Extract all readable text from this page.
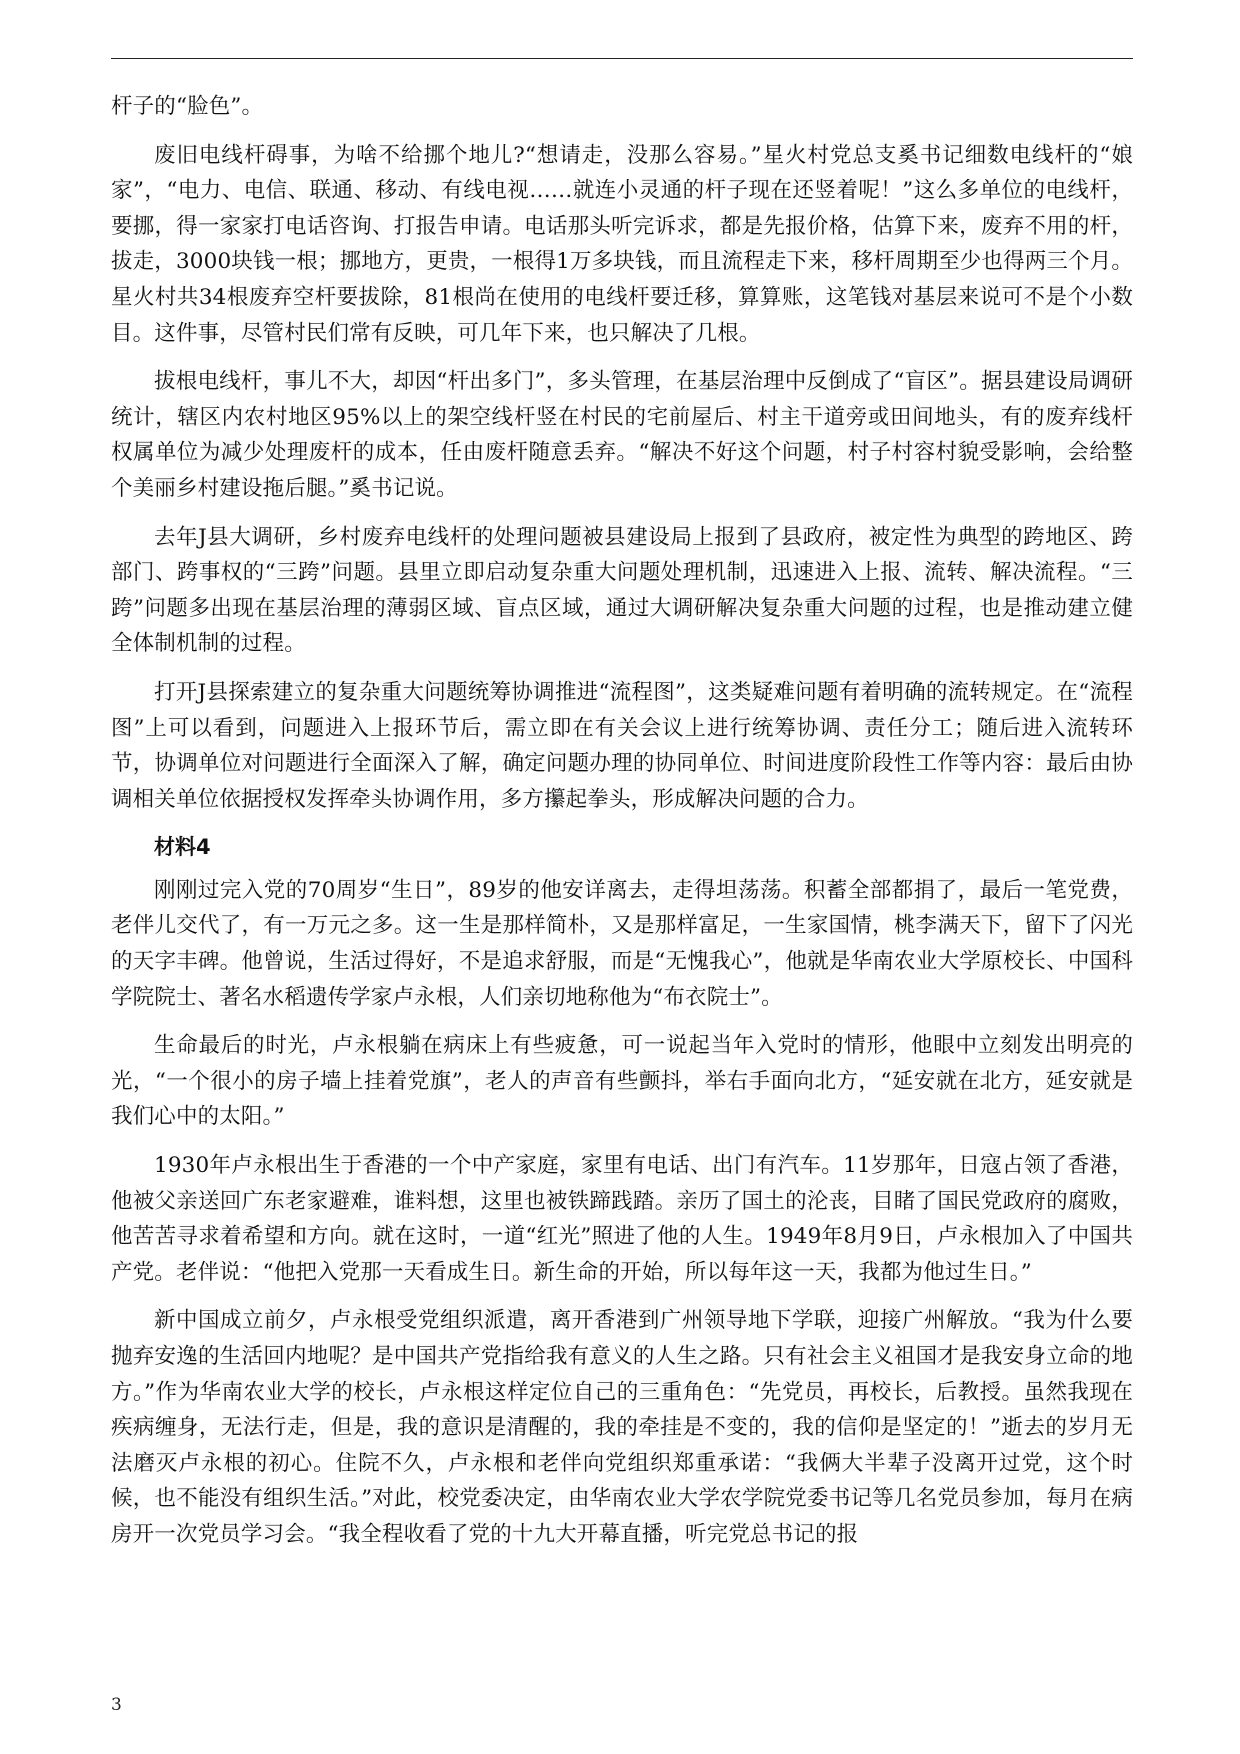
杆子的“脸色”。

废旧电线杆碍事，为啥不给挪个地儿?“想请走，没那么容易。”星火村党总支奚书记细数电线杆的“娘家”，“电力、电信、联通、移动、有线电视……就连小灵通的杆子现在还竖着呢！”这么多单位的电线杆，要挪，得一家家打电话咨询、打报告申请。电话那头听完诉求，都是先报价格，估算下来，废弃不用的杆，拔走，3000块钱一根；挪地方，更贵，一根得1万多块钱，而且流程走下来，移杆周期至少也得两三个月。星火村共34根废弃空杆要拔除，81根尚在使用的电线杆要迁移，算算账，这笔钱对基层来说可不是个小数目。这件事，尽管村民们常有反映，可几年下来，也只解决了几根。

拔根电线杆，事儿不大，却因“杆出多门”，多头管理，在基层治理中反倒成了“盲区”。据县建设局调研统计，辖区内农村地区95%以上的架空线杆竖在村民的宅前屋后、村主干道旁或田间地头，有的废弃线杆权属单位为减少处理废杆的成本，任由废杆随意丢弃。“解决不好这个问题，村子村容村貌受影响，会给整个美丽乡村建设拖后腿。”奚书记说。

去年J县大调研，乡村废弃电线杆的处理问题被县建设局上报到了县政府，被定性为典型的跨地区、跨部门、跨事权的“三跨”问题。县里立即启动复杂重大问题处理机制，迅速进入上报、流转、解决流程。“三跨”问题多出现在基层治理的薄弱区域、盲点区域，通过大调研解决复杂重大问题的过程，也是推动建立健全体制机制的过程。

打开J县探索建立的复杂重大问题统筹协调推进“流程图”，这类疑难问题有着明确的流转规定。在“流程图”上可以看到，问题进入上报环节后，需立即在有关会议上进行统筹协调、责任分工；随后进入流转环节，协调单位对问题进行全面深入了解，确定问题办理的协同单位、时间进度阶段性工作等内容：最后由协调相关单位依据授权发挥牵头协调作用，多方攥起拳头，形成解决问题的合力。

材料4

刚刚过完入党的70周岁“生日”，89岁的他安详离去，走得坦荡荡。积蓄全部都捐了，最后一笔党费，老伴儿交代了，有一万元之多。这一生是那样简朴，又是那样富足，一生家国情，桃李满天下，留下了闪光的天字丰碑。他曾说，生活过得好，不是追求舒服，而是“无愧我心”，他就是华南农业大学原校长、中国科学院院士、著名水稻遗传学家卢永根，人们亲切地称他为“布衣院士”。

生命最后的时光，卢永根躺在病床上有些疲惫，可一说起当年入党时的情形，他眼中立刻发出明亮的光，“一个很小的房子墙上挂着党旗”，老人的声音有些颤抖，举右手面向北方，“延安就在北方，延安就是我们心中的太阳。”

1930年卢永根出生于香港的一个中产家庭，家里有电话、出门有汽车。11岁那年，日寇占领了香港，他被父亲送回广东老家避难，谁料想，这里也被铁蹄践踏。亲历了国土的沦丧，目睹了国民党政府的腐败，他苦苦寻求着希望和方向。就在这时，一道“红光”照进了他的人生。1949年8月9日，卢永根加入了中国共产党。老伴说：“他把入党那一天看成生日。新生命的开始，所以每年这一天，我都为他过生日。”

新中国成立前夕，卢永根受党组织派遣，离开香港到广州领导地下学联，迎接广州解放。“我为什么要抛弃安逸的生活回内地呢？是中国共产党指给我有意义的人生之路。只有社会主义祖国才是我安身立命的地方。”作为华南农业大学的校长，卢永根这样定位自己的三重角色：“先党员，再校长，后教授。虽然我现在疾病缠身，无法行走，但是，我的意识是清醒的，我的牵挂是不变的，我的信仰是坚定的！”逝去的岁月无法磨灭卢永根的初心。住院不久，卢永根和老伴向党组织郑重承诺：“我俩大半辈子没离开过党，这个时候，也不能没有组织生活。”对此，校党委决定，由华南农业大学农学院党委书记等几名党员参加，每月在病房开一次党员学习会。“我全程收看了党的十九大开幕直播，听完党总书记的报

3
